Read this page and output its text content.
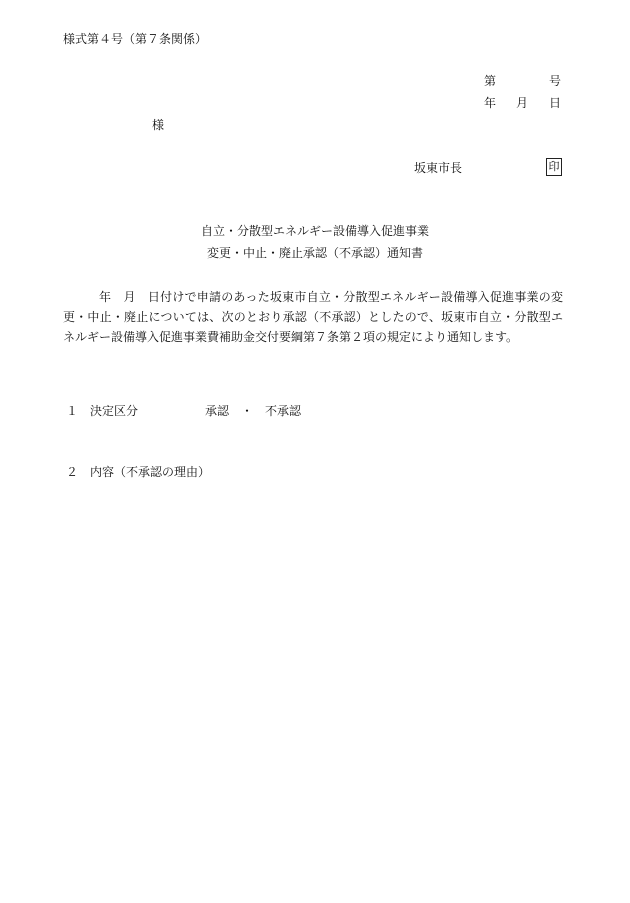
様式第４号（第７条関係）
第	号
年 月 日
様
坂東市長	印
自立・分散型エネルギー設備導入促進事業
変更・中止・廃止承認（不承認）通知書
年　月　日付けで申請のあった坂東市自立・分散型エネルギー設備導入促進事業の変更・中止・廃止については、次のとおり承認（不承認）としたので、坂東市自立・分散型エネルギー設備導入促進事業費補助金交付要綱第７条第２項の規定により通知します。
１ 決定区分	承認　・　不承認
２ 内容（不承認の理由）
